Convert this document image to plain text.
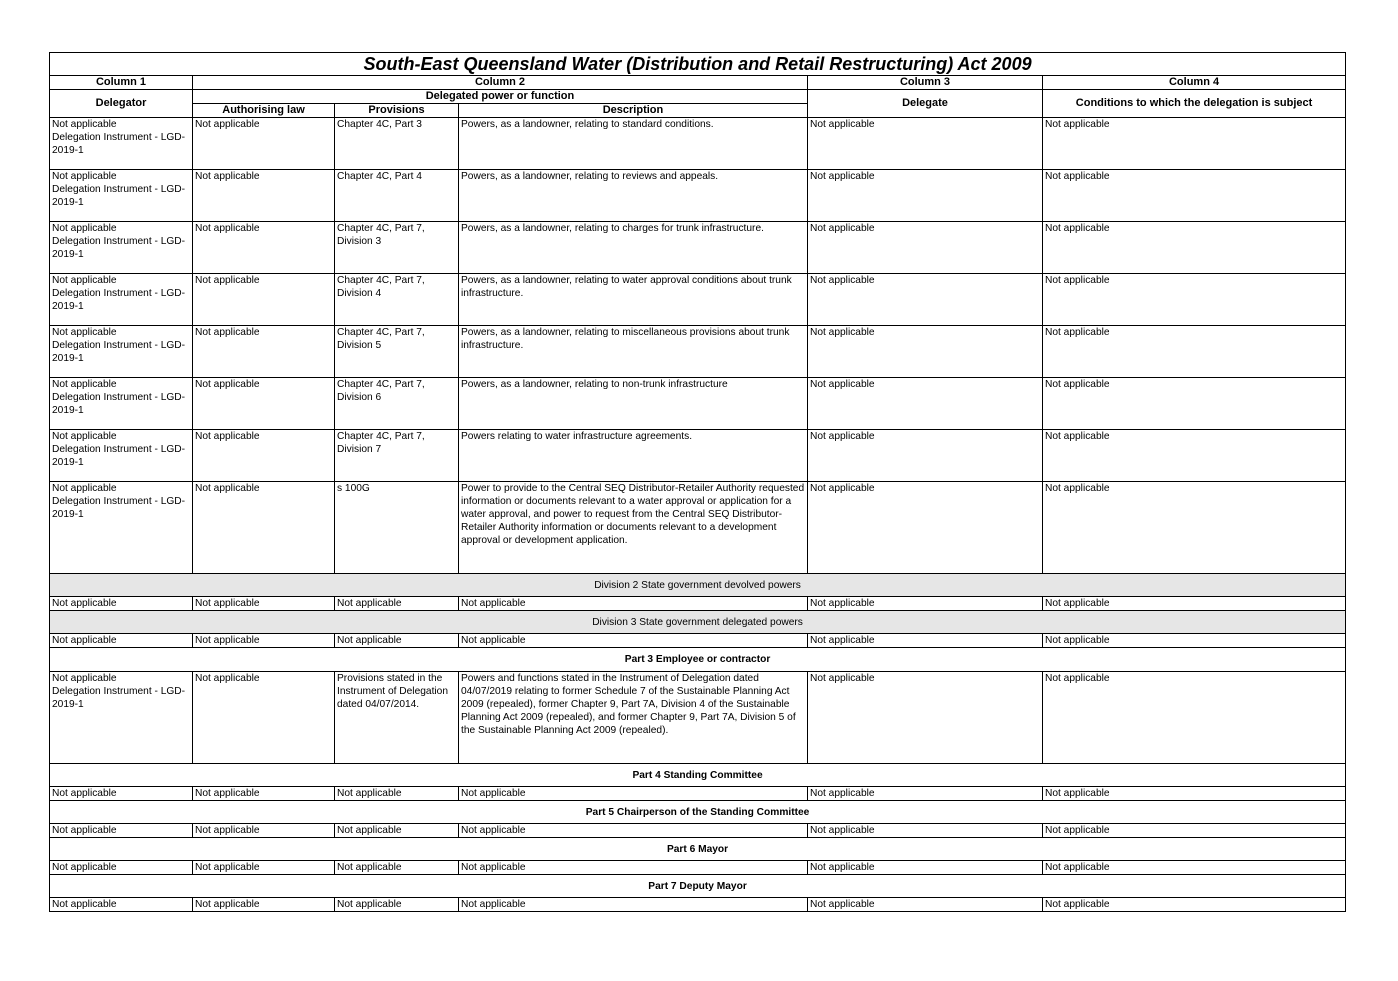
South-East Queensland Water (Distribution and Retail Restructuring) Act 2009					
Column 1	Column 2			Column 3	Column 4
Delegator	Delegated power or function			Delegate	Conditions to which the delegation is subject
	Authorising law	Provisions	Description		
Not applicable
Delegation Instrument - LGD-2019-1	Not applicable	Chapter 4C, Part 3	Powers, as a landowner, relating to standard conditions.	Not applicable	Not applicable
Not applicable
Delegation Instrument - LGD-2019-1	Not applicable	Chapter 4C, Part 4	Powers, as a landowner, relating to reviews and appeals.	Not applicable	Not applicable
Not applicable
Delegation Instrument - LGD-2019-1	Not applicable	Chapter 4C, Part 7, Division 3	Powers, as a landowner, relating to charges for trunk infrastructure.	Not applicable	Not applicable
Not applicable
Delegation Instrument - LGD-2019-1	Not applicable	Chapter 4C, Part 7, Division 4	Powers, as a landowner, relating to water approval conditions about trunk infrastructure.	Not applicable	Not applicable
Not applicable
Delegation Instrument - LGD-2019-1	Not applicable	Chapter 4C, Part 7, Division 5	Powers, as a landowner, relating to miscellaneous provisions about trunk infrastructure.	Not applicable	Not applicable
Not applicable
Delegation Instrument - LGD-2019-1	Not applicable	Chapter 4C, Part 7, Division 6	Powers, as a landowner, relating to non-trunk infrastructure	Not applicable	Not applicable
Not applicable
Delegation Instrument - LGD-2019-1	Not applicable	Chapter 4C, Part 7, Division 7	Powers relating to water infrastructure agreements.	Not applicable	Not applicable
Not applicable
Delegation Instrument - LGD-2019-1	Not applicable	s 100G	Power to provide to the Central SEQ Distributor-Retailer Authority requested information or documents relevant to a water approval or application for a water approval, and power to request from the Central SEQ Distributor-Retailer Authority information or documents relevant to a development approval or development application.	Not applicable	Not applicable
Division 2 State government devolved powers					
Not applicable	Not applicable	Not applicable	Not applicable	Not applicable	Not applicable
Division 3 State government delegated powers					
Not applicable	Not applicable	Not applicable	Not applicable	Not applicable	Not applicable
Part 3 Employee or contractor					
Not applicable
Delegation Instrument - LGD-2019-1	Not applicable	Provisions stated in the Instrument of Delegation dated 04/07/2014.	Powers and functions stated in the Instrument of Delegation dated 04/07/2019 relating to former Schedule 7 of the Sustainable Planning Act 2009 (repealed), former Chapter 9, Part 7A, Division 4 of the Sustainable Planning Act 2009 (repealed), and former Chapter 9, Part 7A, Division 5 of the Sustainable Planning Act 2009 (repealed).	Not applicable	Not applicable
Part 4 Standing Committee					
Not applicable	Not applicable	Not applicable	Not applicable	Not applicable	Not applicable
Part 5 Chairperson of the Standing Committee					
Not applicable	Not applicable	Not applicable	Not applicable	Not applicable	Not applicable
Part 6 Mayor					
Not applicable	Not applicable	Not applicable	Not applicable	Not applicable	Not applicable
Part 7 Deputy Mayor					
Not applicable	Not applicable	Not applicable	Not applicable	Not applicable	Not applicable
